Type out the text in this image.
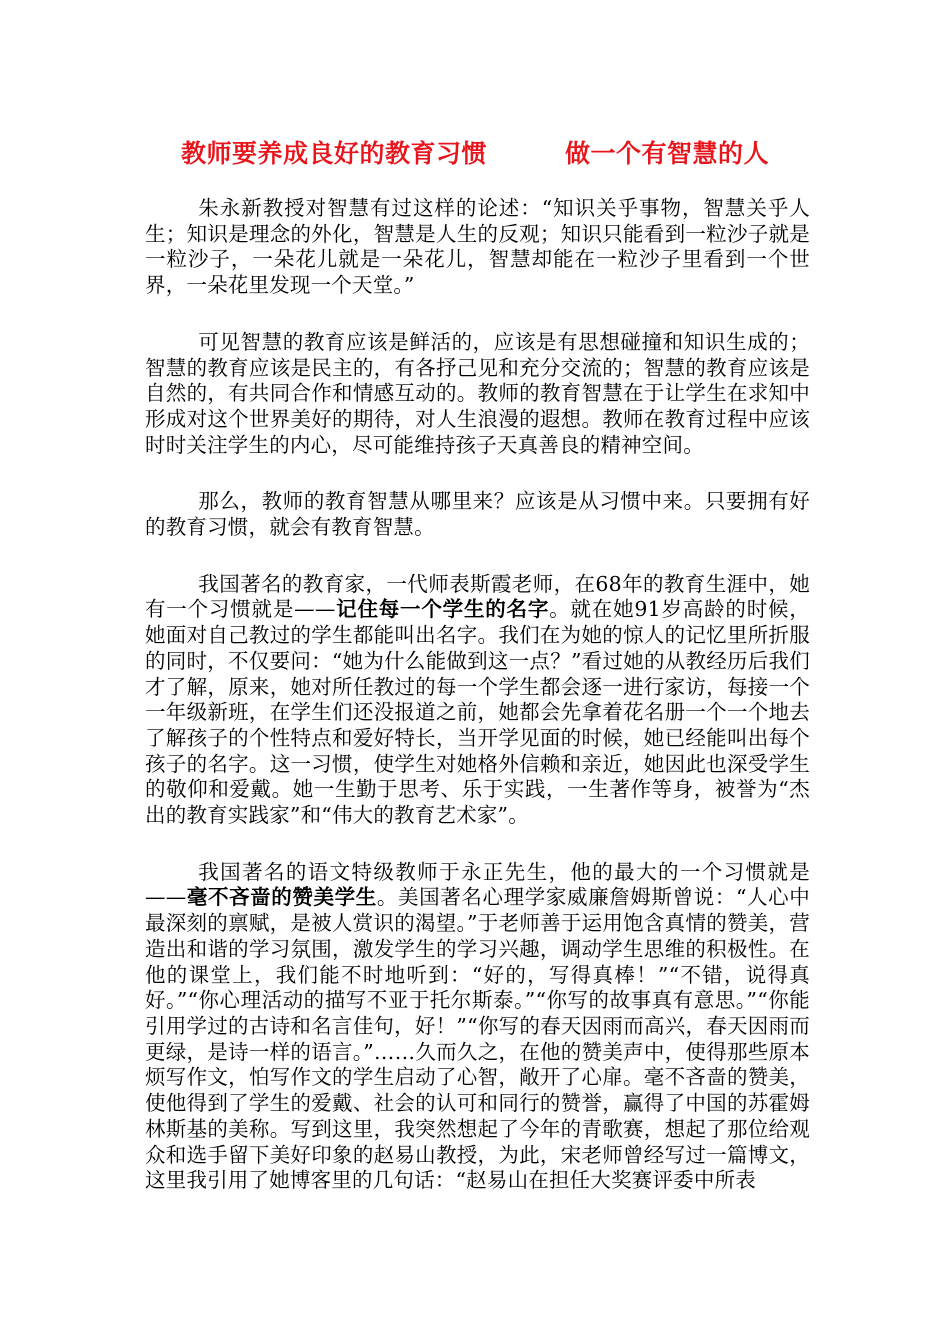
教师要养成良好的教育习惯	做一个有智慧的人

朱永新教授对智慧有过这样的论述：“知识关乎事物，智慧关乎人生；知识是理念的外化，智慧是人生的反观；知识只能看到一粒沙子就是一粒沙子，一朵花儿就是一朵花儿，智慧却能在一粒沙子里看到一个世界，一朵花里发现一个天堂。”

可见智慧的教育应该是鲜活的，应该是有思想碰撞和知识生成的；智慧的教育应该是民主的，有各抒己见和充分交流的；智慧的教育应该是自然的，有共同合作和情感互动的。教师的教育智慧在于让学生在求知中形成对这个世界美好的期待，对人生浪漫的遐想。教师在教育过程中应该时时关注学生的内心，尽可能维持孩子天真善良的精神空间。

那么，教师的教育智慧从哪里来？应该是从习惯中来。只要拥有好的教育习惯，就会有教育智慧。

我国著名的教育家，一代师表斯霞老师，在68年的教育生涯中，她有一个习惯就是——记住每一个学生的名字。就在她91岁高龄的时候，她面对自己教过的学生都能叫出名字。我们在为她的惊人的记忆里所折服的同时，不仅要问：“她为什么能做到这一点？”看过她的从教经历后我们才了解，原来，她对所任教过的每一个学生都会逐一进行家访，每接一个一年级新班，在学生们还没报道之前，她都会先拿着花名册一个一个地去了解孩子的个性特点和爱好特长，当开学见面的时候，她已经能叫出每个孩子的名字。这一习惯，使学生对她格外信赖和亲近，她因此也深受学生的敬仰和爱戴。她一生勤于思考、乐于实践，一生著作等身，被誉为“杰出的教育实践家”和“伟大的教育艺术家”。

我国著名的语文特级教师于永正先生，他的最大的一个习惯就是——毫不吝啬的赞美学生。美国著名心理学家威廉詹姆斯曾说：“人心中最深刻的禀赋，是被人赏识的渴望。”于老师善于运用饱含真情的赞美，营造出和谐的学习氛围，激发学生的学习兴趣，调动学生思维的积极性。在他的课堂上，我们能不时地听到：“好的，写得真棒！”“不错，说得真好。”“你心理活动的描写不亚于托尔斯泰。”“你写的故事真有意思。”“你能引用学过的古诗和名言佳句，好！”“你写的春天因雨而高兴，春天因雨而更绿，是诗一样的语言。”……久而久之，在他的赞美声中，使得那些原本烦写作文，怕写作文的学生启动了心智，敞开了心扉。毫不吝啬的赞美，使他得到了学生的爱戴、社会的认可和同行的赞誉，赢得了中国的苏霍姆林斯基的美称。写到这里，我突然想起了今年的青歌赛，想起了那位给观众和选手留下美好印象的赵易山教授，为此，宋老师曾经写过一篇博文，这里我引用了她博客里的几句话：“赵易山在担任大奖赛评委中所表
